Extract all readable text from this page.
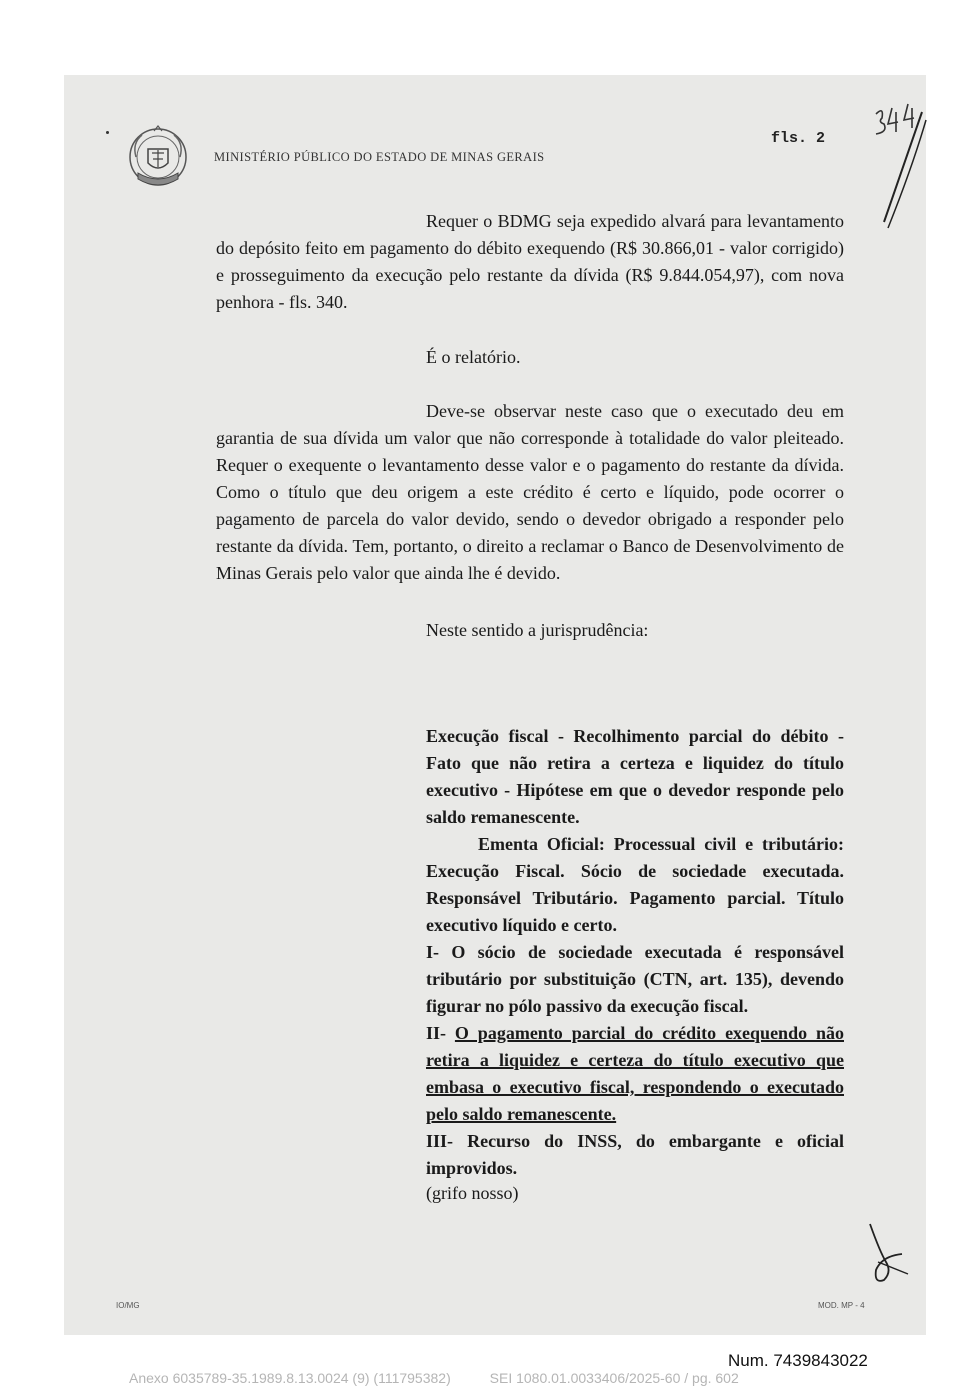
MINISTÉRIO PÚBLICO DO ESTADO DE MINAS GERAIS
fls. 2

Requer o BDMG seja expedido alvará para levantamento do depósito feito em pagamento do débito exequendo (R$ 30.866,01 - valor corrigido) e prosseguimento da execução pelo restante da dívida (R$ 9.844.054,97), com nova penhora - fls. 340.

É o relatório.

Deve-se observar neste caso que o executado deu em garantia de sua dívida um valor que não corresponde à totalidade do valor pleiteado. Requer o exequente o levantamento desse valor e o pagamento do restante da dívida. Como o título que deu origem a este crédito é certo e líquido, pode ocorrer o pagamento de parcela do valor devido, sendo o devedor obrigado a responder pelo restante da dívida. Tem, portanto, o direito a reclamar o Banco de Desenvolvimento de Minas Gerais pelo valor que ainda lhe é devido.

Neste sentido a jurisprudência:

Execução fiscal - Recolhimento parcial do débito - Fato que não retira a certeza e liquidez do título executivo - Hipótese em que o devedor responde pelo saldo remanescente.

Ementa Oficial: Processual civil e tributário: Execução Fiscal. Sócio de sociedade executada. Responsável Tributário. Pagamento parcial. Título executivo líquido e certo.

I- O sócio de sociedade executada é responsável tributário por substituição (CTN, art. 135), devendo figurar no pólo passivo da execução fiscal.

II- O pagamento parcial do crédito exequendo não retira a liquidez e certeza do título executivo que embasa o executivo fiscal, respondendo o executado pelo saldo remanescente.

III- Recurso do INSS, do embargante e oficial improvidos.

(grifo nosso)
IO/MG	MOD. MP - 4
Num. 7439843022
Anexo 6035789-35.1989.8.13.0024 (9) (111795382)	SEI 1080.01.0033406/2025-60 / pg. 602
